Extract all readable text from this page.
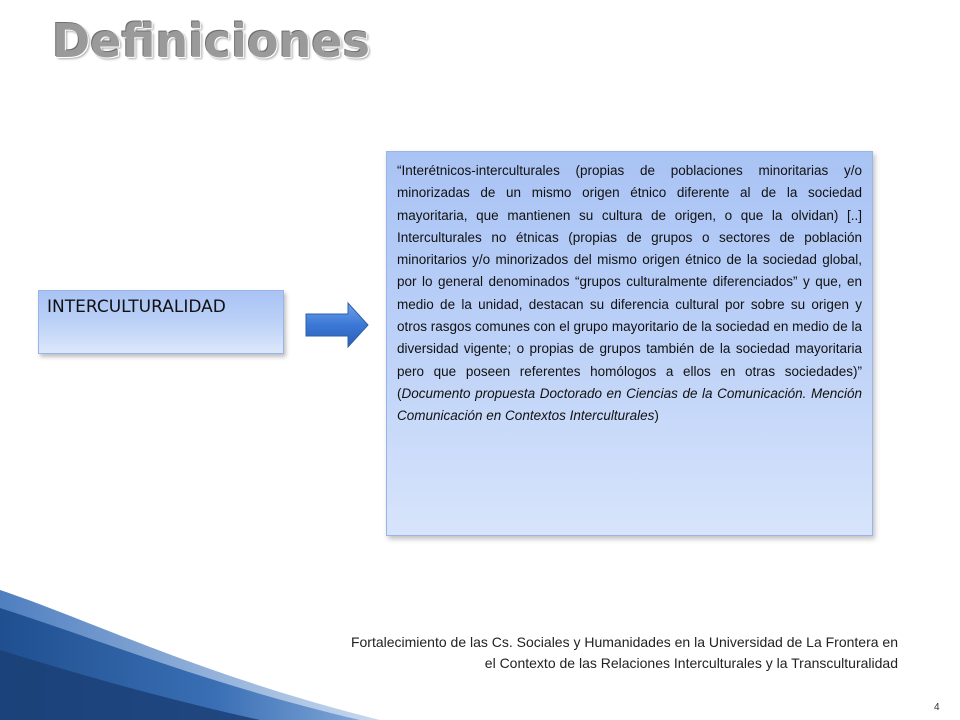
Definiciones
INTERCULTURALIDAD
“Interétnicos-interculturales (propias de poblaciones minoritarias y/o minorizadas de un mismo origen étnico diferente al de la sociedad mayoritaria, que mantienen su cultura de origen, o que la olvidan) [..] Interculturales no étnicas (propias de grupos o sectores de población minoritarios y/o minorizados del mismo origen étnico de la sociedad global, por lo general denominados “grupos culturalmente diferenciados” y que, en medio de la unidad, destacan su diferencia cultural por sobre su origen y otros rasgos comunes con el grupo mayoritario de la sociedad en medio de la diversidad vigente; o propias de grupos también de la sociedad mayoritaria pero que poseen referentes homólogos a ellos en otras sociedades)” (Documento propuesta Doctorado en Ciencias de la Comunicación. Mención Comunicación en Contextos Interculturales)
Fortalecimiento de las Cs. Sociales y Humanidades en la Universidad de La Frontera en el Contexto de las Relaciones Interculturales y la Transculturalidad
4
